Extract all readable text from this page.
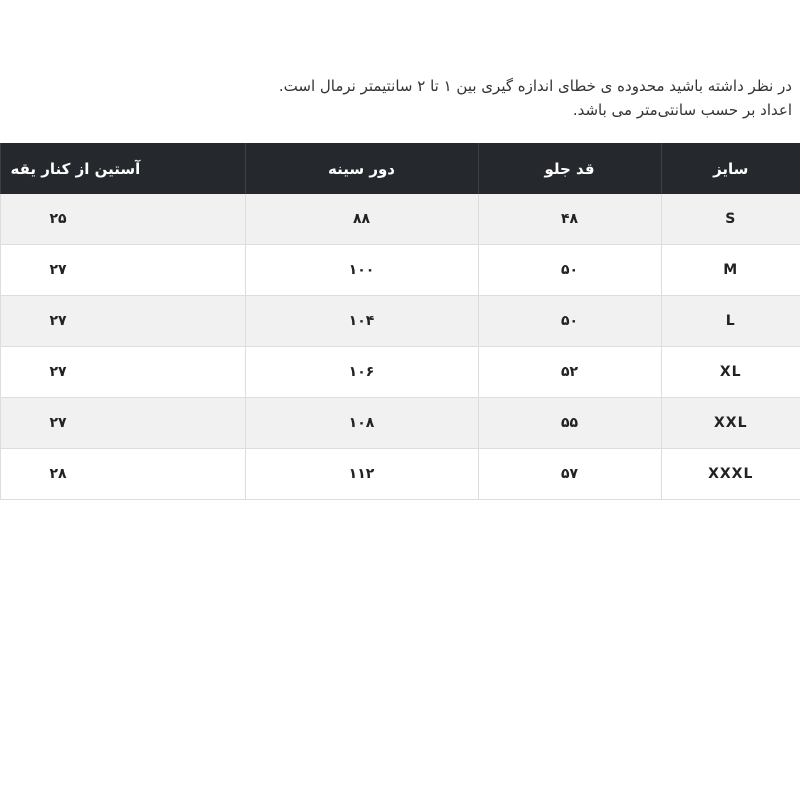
در نظر داشته باشید محدوده ی خطای اندازه گیری بین ۱ تا ۲ سانتیمتر نرمال است.

اعداد بر حسب سانتی‌متر می باشد.

سایز	قد جلو	دور سینه	آستین از کنار یقه	
S	۴۸	۸۸	۲۵	
M	۵۰	۱۰۰	۲۷	
L	۵۰	۱۰۴	۲۷	
XL	۵۲	۱۰۶	۲۷	
XXL	۵۵	۱۰۸	۲۷	
XXXL	۵۷	۱۱۲	۲۸	
